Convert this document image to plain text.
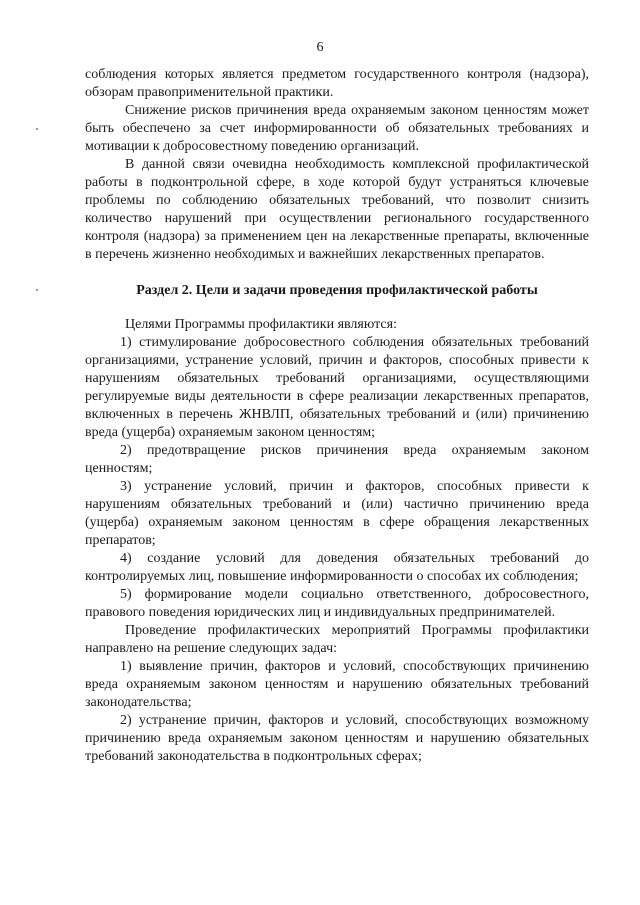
6

соблюдения которых является предметом государственного контроля (надзора), обзорам правоприменительной практики.

Снижение рисков причинения вреда охраняемым законом ценностям может быть обеспечено за счет информированности об обязательных требованиях и мотивации к добросовестному поведению организаций.

В данной связи очевидна необходимость комплексной профилактической работы в подконтрольной сфере, в ходе которой будут устраняться ключевые проблемы по соблюдению обязательных требований, что позволит снизить количество нарушений при осуществлении регионального государственного контроля (надзора) за применением цен на лекарственные препараты, включенные в перечень жизненно необходимых и важнейших лекарственных препаратов.

Раздел 2. Цели и задачи проведения профилактической работы

Целями Программы профилактики являются:

1) стимулирование добросовестного соблюдения обязательных требований организациями, устранение условий, причин и факторов, способных привести к нарушениям обязательных требований организациями, осуществляющими регулируемые виды деятельности в сфере реализации лекарственных препаратов, включенных в перечень ЖНВЛП, обязательных требований и (или) причинению вреда (ущерба) охраняемым законом ценностям;

2) предотвращение рисков причинения вреда охраняемым законом ценностям;

3) устранение условий, причин и факторов, способных привести к нарушениям обязательных требований и (или) частично причинению вреда (ущерба) охраняемым законом ценностям в сфере обращения лекарственных препаратов;

4) создание условий для доведения обязательных требований до контролируемых лиц, повышение информированности о способах их соблюдения;

5) формирование модели социально ответственного, добросовестного, правового поведения юридических лиц и индивидуальных предпринимателей.

Проведение профилактических мероприятий Программы профилактики направлено на решение следующих задач:

1) выявление причин, факторов и условий, способствующих причинению вреда охраняемым законом ценностям и нарушению обязательных требований законодательства;

2) устранение причин, факторов и условий, способствующих возможному причинению вреда охраняемым законом ценностям и нарушению обязательных требований законодательства в подконтрольных сферах;
